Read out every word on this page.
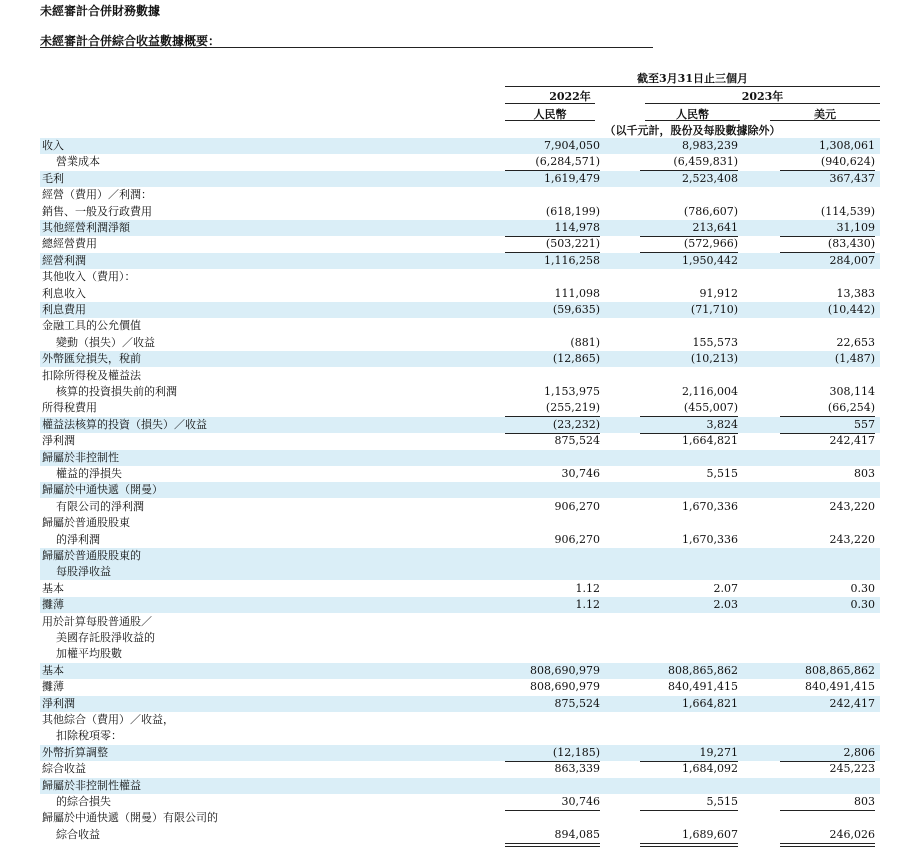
未經審計合併財務數據
未經審計合併綜合收益數據概要：
截至3月31日止三個月
2022年	2023年
人民幣	人民幣	美元
（以千元計，股份及每股數據除外）
收入	7,904,050	8,983,239	1,308,061
營業成本	(6,284,571)	(6,459,831)	(940,624)
毛利	1,619,479	2,523,408	367,437
經營（費用）／利潤：
銷售、一般及行政費用	(618,199)	(786,607)	(114,539)
其他經營利潤淨額	114,978	213,641	31,109
總經營費用	(503,221)	(572,966)	(83,430)
經營利潤	1,116,258	1,950,442	284,007
其他收入（費用）：
利息收入	111,098	91,912	13,383
利息費用	(59,635)	(71,710)	(10,442)
金融工具的公允價值
變動（損失）／收益	(881)	155,573	22,653
外幣匯兌損失，稅前	(12,865)	(10,213)	(1,487)
扣除所得稅及權益法
核算的投資損失前的利潤	1,153,975	2,116,004	308,114
所得稅費用	(255,219)	(455,007)	(66,254)
權益法核算的投資（損失）／收益	(23,232)	3,824	557
淨利潤	875,524	1,664,821	242,417
歸屬於非控制性
權益的淨損失	30,746	5,515	803
歸屬於中通快遞（開曼）
有限公司的淨利潤	906,270	1,670,336	243,220
歸屬於普通股股東
的淨利潤	906,270	1,670,336	243,220
歸屬於普通股股東的
每股淨收益
基本	1.12	2.07	0.30
攤薄	1.12	2.03	0.30
用於計算每股普通股／
美國存託股淨收益的
加權平均股數
基本	808,690,979	808,865,862	808,865,862
攤薄	808,690,979	840,491,415	840,491,415
淨利潤	875,524	1,664,821	242,417
其他綜合（費用）／收益，
扣除稅項零：
外幣折算調整	(12,185)	19,271	2,806
綜合收益	863,339	1,684,092	245,223
歸屬於非控制性權益
的綜合損失	30,746	5,515	803
歸屬於中通快遞（開曼）有限公司的
綜合收益	894,085	1,689,607	246,026
